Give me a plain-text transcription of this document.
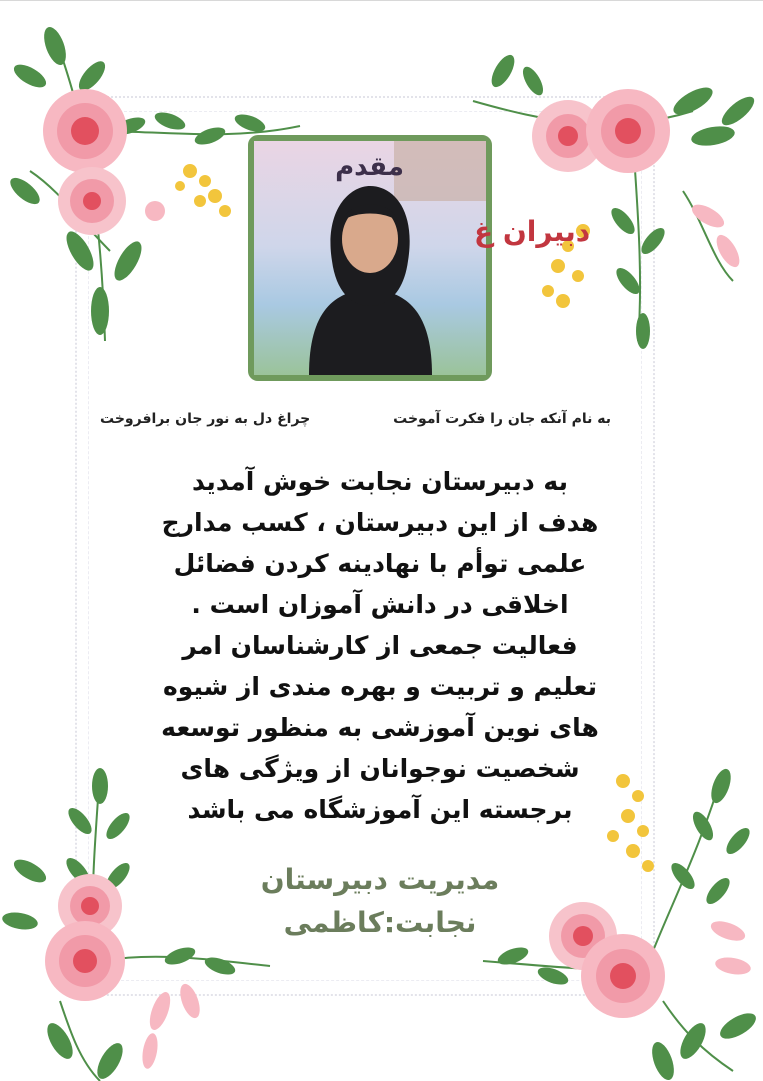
مقدم
دبیران غ
به نام آنکه جان را فکرت آموخت
چراغ دل به نور جان برافروخت
به دبیرستان نجابت خوش آمدید
هدف از این دبیرستان ، کسب مدارج
علمی توأم با نهادینه کردن فضائل
اخلاقی در دانش آموزان است .
فعالیت جمعی از کارشناسان امر
تعلیم و تربیت و بهره مندی از شیوه
های نوین آموزشی به منظور توسعه
شخصیت نوجوانان از ویژگی های
برجسته این آموزشگاه می باشد
مدیریت دبیرستان
نجابت:کاظمی
